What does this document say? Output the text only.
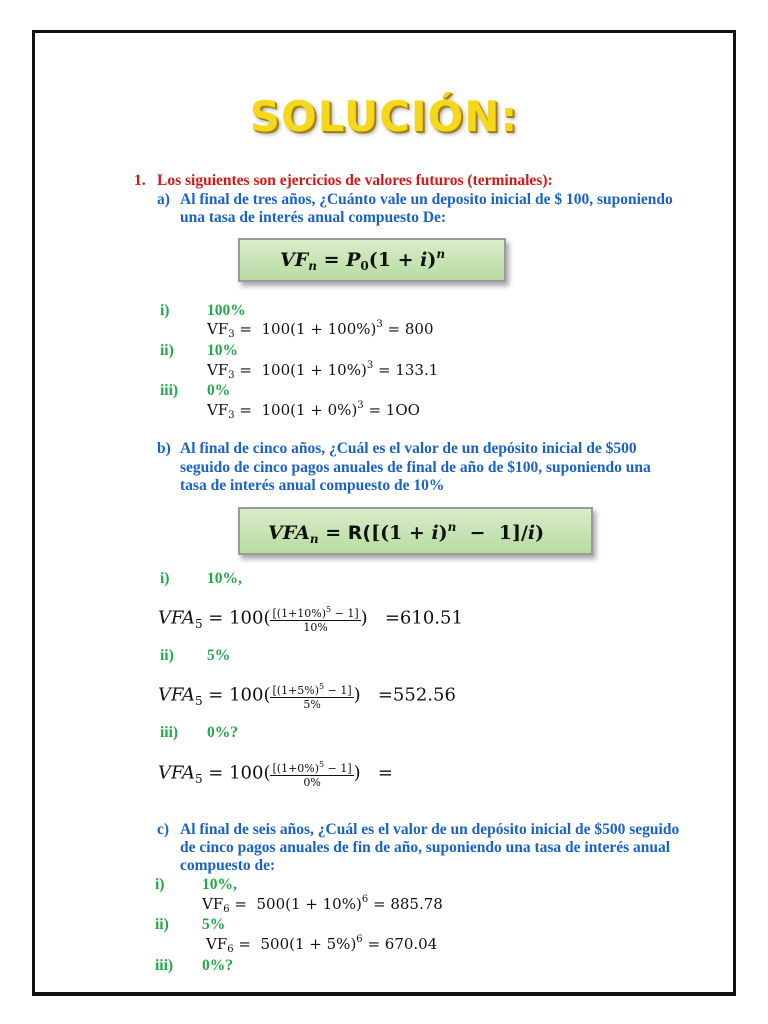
SOLUCIÓN:
1. Los siguientes son ejercicios de valores futuros (terminales):
a) Al final de tres años, ¿Cuánto vale un deposito inicial de $ 100, suponiendo
una tasa de interés anual compuesto De:
$VF_n = P_0(1 + i)^n$
i) 100%
$VF_3 = 100(1 + 100\%)^3 = 800$
ii) 10%
$VF_3 = 100(1 + 10\%)^3 = 133.1$
iii) 0%
$VF_3 = 100(1 + 0\%)^3 = 1OO$
b) Al final de cinco años, ¿Cuál es el valor de un depósito inicial de $500
seguido de cinco pagos anuales de final de año de $100, suponiendo una
tasa de interés anual compuesto de 10%
$VFA_n = R([(1 + i)^n - 1]/i)$
i) 10%,
$VFA_5 = 100( \frac{[(1+10\%)^5 - 1]}{10\%}$ )   =610.51
ii) 5%
$VFA_5 = 100( \frac{[(1+5\%)^5 - 1]}{5\%}$ )   =552.56
iii) 0%?
$VFA_5 = 100( \frac{[(1+0\%)^5 - 1]}{0\%}$ )   =
c) Al final de seis años, ¿Cuál es el valor de un depósito inicial de $500 seguido
de cinco pagos anuales de fin de año, suponiendo una tasa de interés anual
compuesto de:
i) 10%,
$VF_6 = 500(1 + 10\%)^6 = 885.78$
ii) 5%
$VF_6 = 500(1 + 5\%)^6 = 670.04$
iii) 0%?
